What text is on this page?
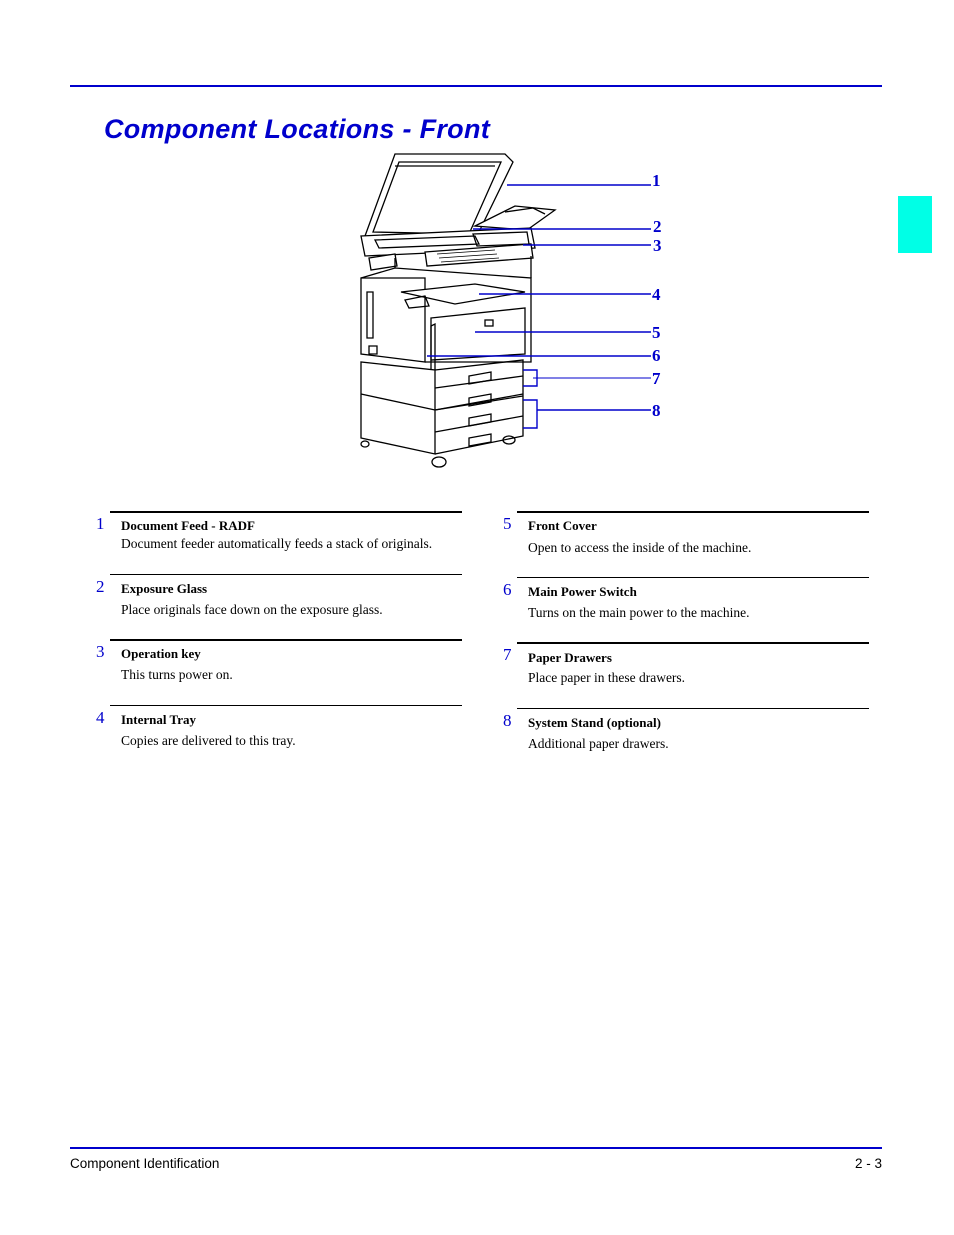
Component Locations - Front
1
2
3
4
5
6
7
8
1 Document Feed - RADF
Document feeder automatically feeds a stack of originals.
2 Exposure Glass
Place originals face down on the exposure glass.
3 Operation key
This turns power on.
4 Internal Tray
Copies are delivered to this tray.
5 Front Cover
Open to access the inside of the machine.
6 Main Power Switch
Turns on the main power to the machine.
7 Paper Drawers
Place paper in these drawers.
8 System Stand (optional)
Additional paper drawers.
Component Identification	2 - 3
